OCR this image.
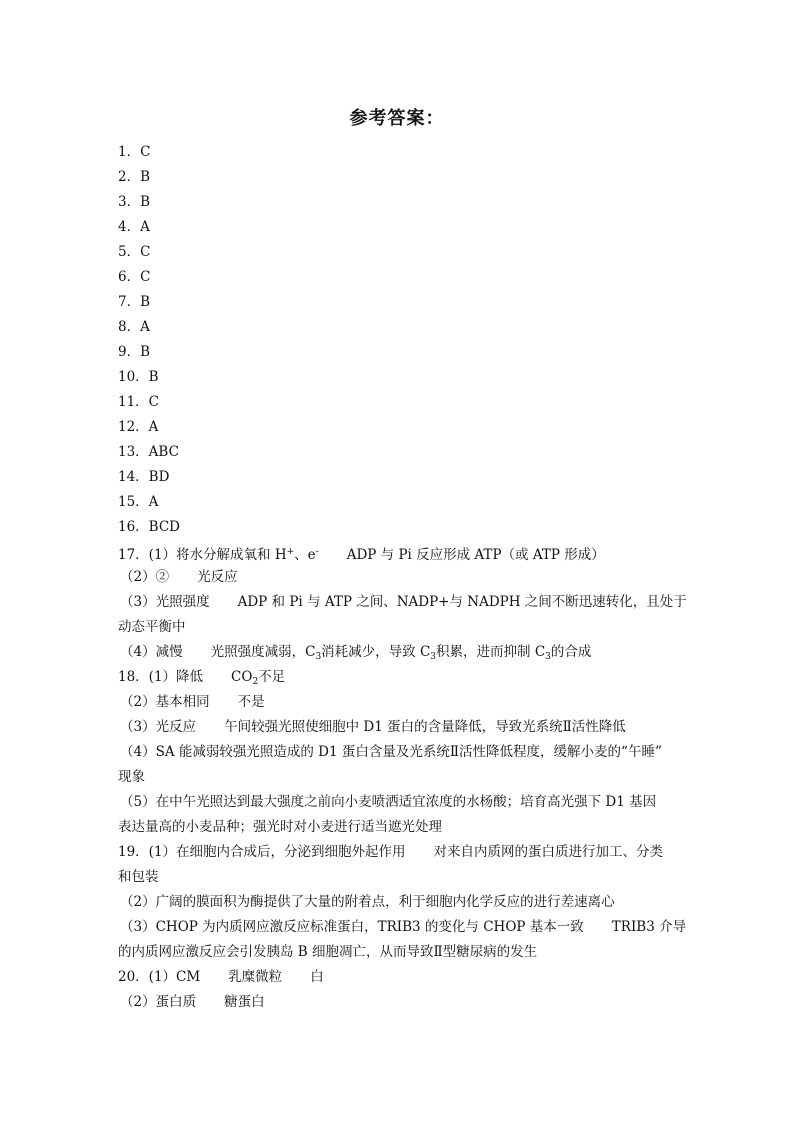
参考答案：
1．C
2．B
3．B
4．A
5．C
6．C
7．B
8．A
9．B
10．B
11．C
12．A
13．ABC
14．BD
15．A
16．BCD
17．(1）将水分解成氧和 H+、e- ADP 与 Pi 反应形成 ATP（或 ATP 形成）
（2）② 光反应
（3）光照强度 ADP 和 Pi 与 ATP 之间、NADP+与 NADPH 之间不断迅速转化，且处于
动态平衡中
（4）减慢 光照强度减弱，$C_3$消耗减少，导致 $C_3$积累，进而抑制 $C_3$的合成
18．(1）降低 $CO_2$不足
（2）基本相同 不是
（3）光反应 午间较强光照使细胞中 D1 蛋白的含量降低，导致光系统Ⅱ活性降低
（4）SA 能减弱较强光照造成的 D1 蛋白含量及光系统Ⅱ活性降低程度，缓解小麦的“午睡”
现象
（5）在中午光照达到最大强度之前向小麦喷洒适宜浓度的水杨酸；培育高光强下 D1 基因
表达量高的小麦品种；强光时对小麦进行适当遮光处理
19．(1）在细胞内合成后，分泌到细胞外起作用 对来自内质网的蛋白质进行加工、分类
和包装
（2）广阔的膜面积为酶提供了大量的附着点，利于细胞内化学反应的进行差速离心
（3）CHOP 为内质网应激反应标准蛋白，TRIB3 的变化与 CHOP 基本一致 TRIB3 介导
的内质网应激反应会引发胰岛 B 细胞凋亡，从而导致Ⅱ型糖尿病的发生
20．(1）CM 乳糜微粒 白
（2）蛋白质 糖蛋白
